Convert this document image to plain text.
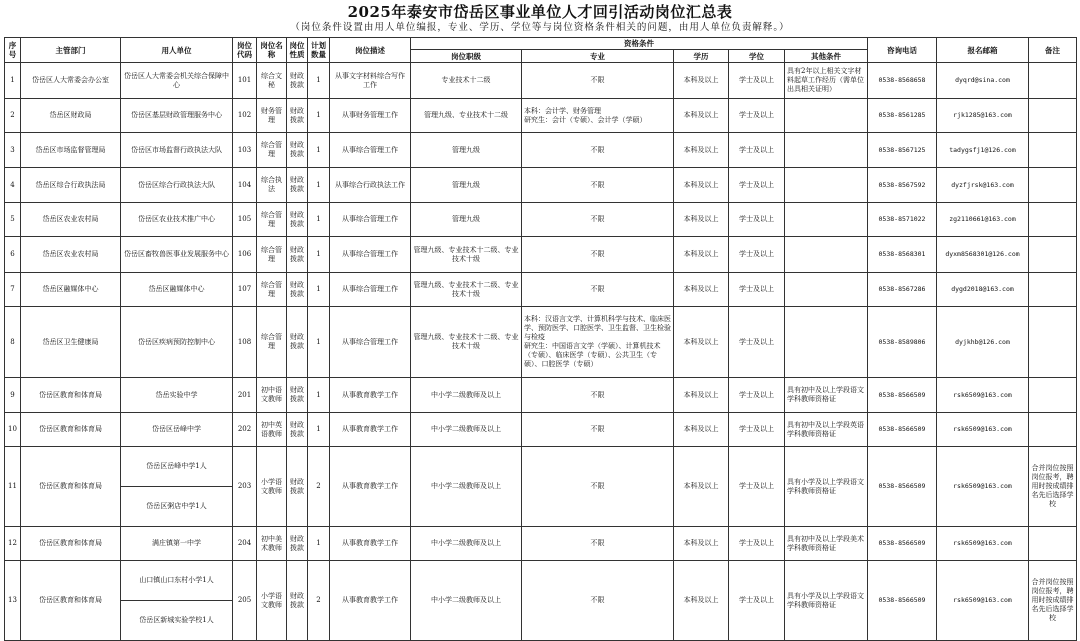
2025年泰安市岱岳区事业单位人才回引活动岗位汇总表
（岗位条件设置由用人单位编报，专业、学历、学位等与岗位资格条件相关的问题，由用人单位负责解释。）
序号	主管部门	用人单位	岗位代码	岗位名称	岗位性质	计划数量	岗位描述	资格条件					咨询电话	报名邮箱	备注
								岗位职级	专业	学历	学位	其他条件			
1	岱岳区人大常委会办公室	岱岳区人大常委会机关综合保障中心	101	综合文秘	财政拨款	1	从事文字材料综合写作工作	专业技术十二级	不限	本科及以上	学士及以上	具有2年以上相关文字材料起草工作经历（需单位出具相关证明）	0538-8568658	dyqrd@sina.com	
2	岱岳区财政局	岱岳区基层财政管理服务中心	102	财务管理	财政拨款	1	从事财务管理工作	管理九级、专业技术十二级	本科：会计学、财务管理
研究生：会计（专硕）、会计学（学硕）	本科及以上	学士及以上		0538-8561285	rjk1285@163.com	
3	岱岳区市场监督管理局	岱岳区市场监督行政执法大队	103	综合管理	财政拨款	1	从事综合管理工作	管理九级	不限	本科及以上	学士及以上		0538-8567125	tadygsfj1@126.com	
4	岱岳区综合行政执法局	岱岳区综合行政执法大队	104	综合执法	财政拨款	1	从事综合行政执法工作	管理九级	不限	本科及以上	学士及以上		0538-8567592	dyzfjrsk@163.com	
5	岱岳区农业农村局	岱岳区农业技术推广中心	105	综合管理	财政拨款	1	从事综合管理工作	管理九级	不限	本科及以上	学士及以上		0538-8571022	zg2110661@163.com	
6	岱岳区农业农村局	岱岳区畜牧兽医事业发展服务中心	106	综合管理	财政拨款	1	从事综合管理工作	管理九级、专业技术十二级、专业技术十级	不限	本科及以上	学士及以上		0538-8568301	dyxm8568301@126.com	
7	岱岳区融媒体中心	岱岳区融媒体中心	107	综合管理	财政拨款	1	从事综合管理工作	管理九级、专业技术十二级、专业技术十级	不限	本科及以上	学士及以上		0538-8567286	dygd2018@163.com	
8	岱岳区卫生健康局	岱岳区疾病预防控制中心	108	综合管理	财政拨款	1	从事综合管理工作	管理九级、专业技术十二级、专业技术十级	本科：汉语言文学、计算机科学与技术、临床医学、预防医学、口腔医学、卫生监督、卫生检验与检疫
研究生：中国语言文学（学硕）、计算机技术（专硕）、临床医学（专硕）、公共卫生（专硕）、口腔医学（专硕）	本科及以上	学士及以上		0538-8589806	dyjkhb@126.com	
9	岱岳区教育和体育局	岱岳实验中学	201	初中语文教师	财政拨款	1	从事教育教学工作	中小学二级教师及以上	不限	本科及以上	学士及以上	具有初中及以上学段语文学科教师资格证	0538-8566509	rsk6509@163.com	
10	岱岳区教育和体育局	岱岳区岳峰中学	202	初中英语教师	财政拨款	1	从事教育教学工作	中小学二级教师及以上	不限	本科及以上	学士及以上	具有初中及以上学段英语学科教师资格证	0538-8566509	rsk6509@163.com	
11	岱岳区教育和体育局	岱岳区岳峰中学1人	203	小学语文教师	财政拨款	2	从事教育教学工作	中小学二级教师及以上	不限	本科及以上	学士及以上	具有小学及以上学段语文学科教师资格证	0538-8566509	rsk6509@163.com	合并岗位按照岗位报考，聘用时按成绩排名先后选择学校
		岱岳区粥店中学1人													
12	岱岳区教育和体育局	满庄镇第一中学	204	初中美术教师	财政拨款	1	从事教育教学工作	中小学二级教师及以上	不限	本科及以上	学士及以上	具有初中及以上学段美术学科教师资格证	0538-8566509	rsk6509@163.com	
13	岱岳区教育和体育局	山口镇山口东村小学1人	205	小学语文教师	财政拨款	2	从事教育教学工作	中小学二级教师及以上	不限	本科及以上	学士及以上	具有小学及以上学段语文学科教师资格证	0538-8566509	rsk6509@163.com	合并岗位按照岗位报考，聘用时按成绩排名先后选择学校
		岱岳区新城实验学校1人													
